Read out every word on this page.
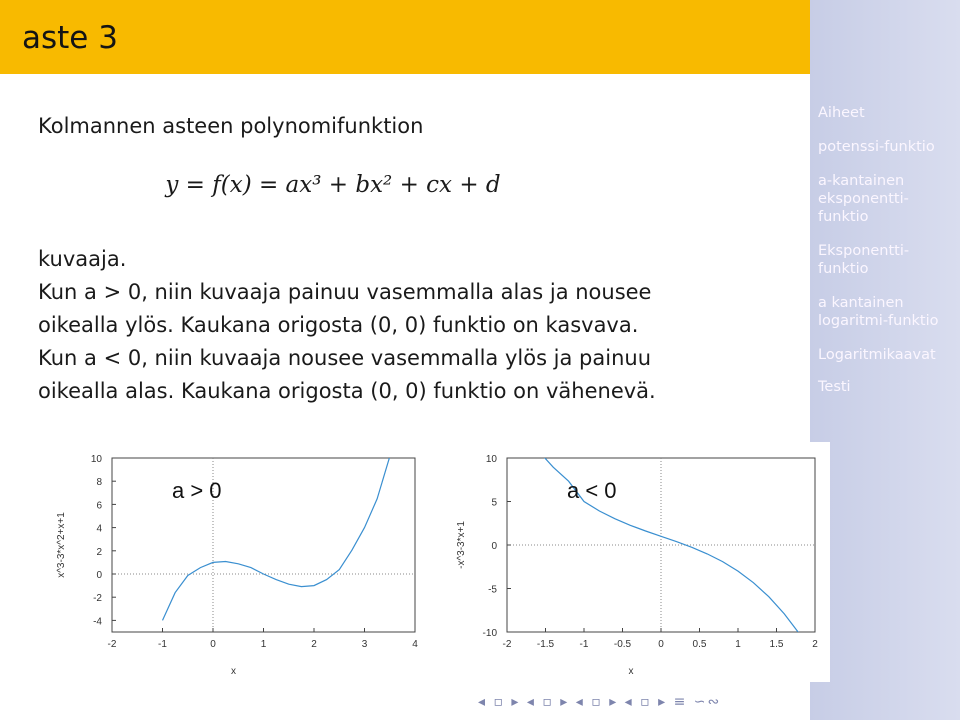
aste 3
Aiheet
potenssi-funktio
a-kantainen eksponentti-funktio
Eksponentti-funktio
a kantainen logaritmi-funktio
Logaritmikaavat
Testi
Kolmannen asteen polynomifunktion
y = f(x) = ax³ + bx² + cx + d
kuvaaja.
Kun a > 0, niin kuvaaja painuu vasemmalla alas ja nousee
oikealla ylös. Kaukana origosta (0, 0) funktio on kasvava.
Kun a < 0, niin kuvaaja nousee vasemmalla ylös ja painuu
oikealla alas. Kaukana origosta (0, 0) funktio on vähenevä.
-2	-1	0	1	2	3	4
-4
-2
0
2
4
6
8
10
x
x^3-3*x^2+x+1
a > 0
-2	-1.5	-1	-0.5	0	0.5	1	1.5	2
-10
-5
0
5
10
x
-x^3-3*x+1
a < 0
◂ ▫ ▸ ◂ ▫ ▸ ◂ ▫ ▸ ◂ ▫ ▸ ≡ ∽∾
